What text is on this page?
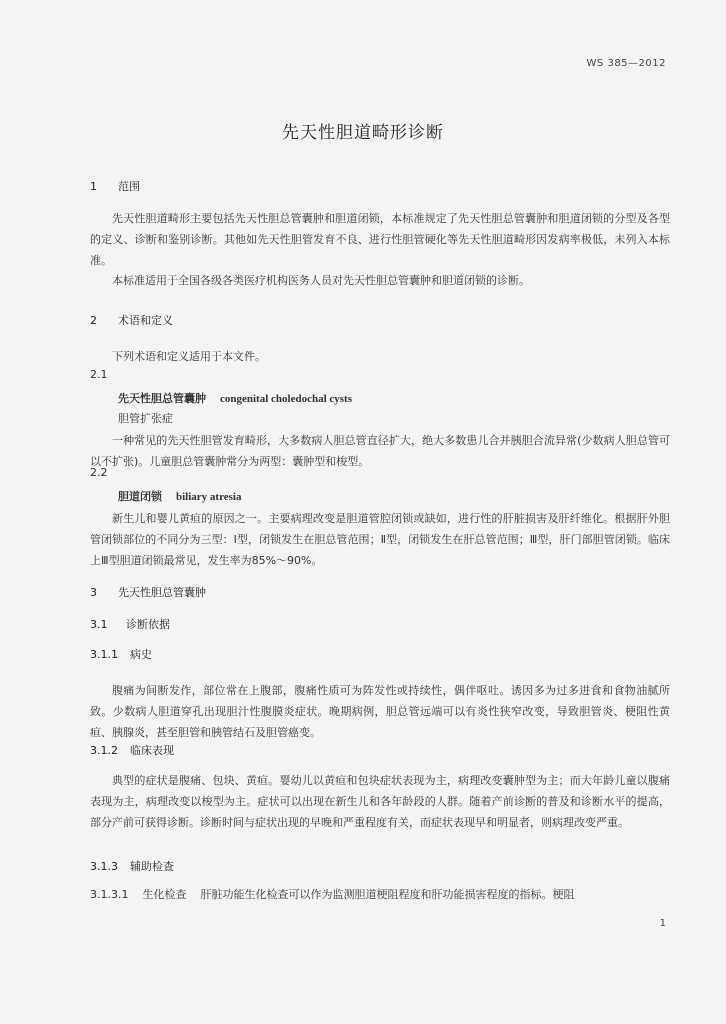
WS 385—2012
先天性胆道畸形诊断
1 范围
先天性胆道畸形主要包括先天性胆总管囊肿和胆道闭锁，本标准规定了先天性胆总管囊肿和胆道闭锁的分型及各型的定义、诊断和鉴别诊断。其他如先天性胆管发育不良、进行性胆管硬化等先天性胆道畸形因发病率极低，未列入本标准。
本标准适用于全国各级各类医疗机构医务人员对先天性胆总管囊肿和胆道闭锁的诊断。
2 术语和定义
下列术语和定义适用于本文件。
2.1
先天性胆总管囊肿 congenital choledochal cysts
胆管扩张症
一种常见的先天性胆管发育畸形，大多数病人胆总管直径扩大，绝大多数患儿合并胰胆合流异常(少数病人胆总管可以不扩张)。儿童胆总管囊肿常分为两型：囊肿型和梭型。
2.2
胆道闭锁 biliary atresia
新生儿和婴儿黄疸的原因之一。主要病理改变是胆道管腔闭锁或缺如，进行性的肝脏损害及肝纤维化。根据肝外胆管闭锁部位的不同分为三型：Ⅰ型，闭锁发生在胆总管范围；Ⅱ型，闭锁发生在肝总管范围；Ⅲ型，肝门部胆管闭锁。临床上Ⅲ型胆道闭锁最常见，发生率为85%～90%。
3 先天性胆总管囊肿
3.1 诊断依据
3.1.1 病史
腹痛为间断发作，部位常在上腹部，腹痛性质可为阵发性或持续性，偶伴呕吐。诱因多为过多进食和食物油腻所致。少数病人胆道穿孔出现胆汁性腹膜炎症状。晚期病例，胆总管远端可以有炎性狭窄改变，导致胆管炎、梗阻性黄疸、胰腺炎，甚至胆管和胰管结石及胆管癌变。
3.1.2 临床表现
典型的症状是腹痛、包块、黄疸。婴幼儿以黄疸和包块症状表现为主，病理改变囊肿型为主；而大年龄儿童以腹痛表现为主，病理改变以梭型为主。症状可以出现在新生儿和各年龄段的人群。随着产前诊断的普及和诊断水平的提高，部分产前可获得诊断。诊断时间与症状出现的早晚和严重程度有关，而症状表现早和明显者，则病理改变严重。
3.1.3 辅助检查
3.1.3.1 生化检查 肝脏功能生化检查可以作为监测胆道梗阻程度和肝功能损害程度的指标。梗阻
1
